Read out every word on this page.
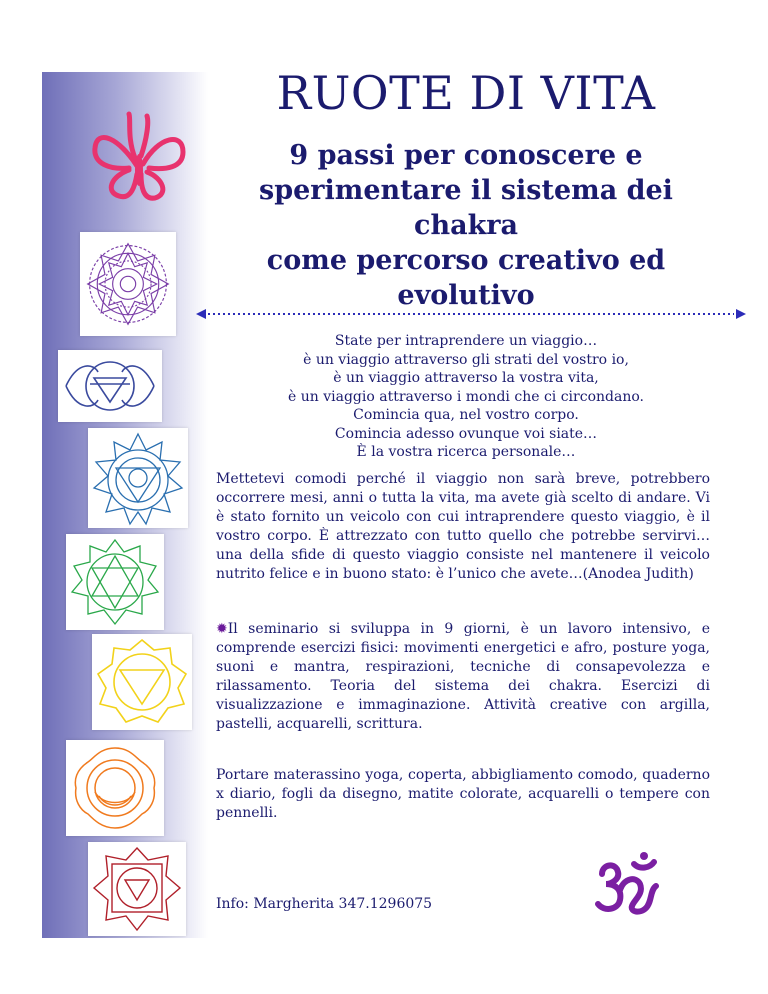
RUOTE DI VITA
9 passi per conoscere e
sperimentare il sistema dei chakra
come percorso creativo ed
evolutivo
State per intraprendere un viaggio…
è un viaggio attraverso gli strati del vostro io,
è un viaggio attraverso la vostra vita,
è un viaggio attraverso i mondi che ci circondano.
Comincia qua, nel vostro corpo.
Comincia adesso ovunque voi siate…
È la vostra ricerca personale…

Mettetevi comodi perché il viaggio non sarà breve, potrebbero occorrere mesi, anni o tutta la vita, ma avete già scelto di andare. Vi è stato fornito un veicolo con cui intraprendere questo viaggio, è il vostro corpo. È attrezzato con tutto quello che potrebbe servirvi… una della sfide di questo viaggio consiste nel mantenere il veicolo nutrito felice e in buono stato: è l’unico che avete…(Anodea Judith)

✹Il seminario si sviluppa in 9 giorni, è un lavoro intensivo, e comprende esercizi fisici: movimenti energetici e afro, posture yoga, suoni e mantra, respirazioni, tecniche di consapevolezza e rilassamento. Teoria del sistema dei chakra. Esercizi di visualizzazione e immaginazione. Attività creative con argilla, pastelli, acquarelli, scrittura.

Portare materassino yoga, coperta, abbigliamento comodo, quaderno x diario, fogli da disegno, matite colorate, acquarelli o tempere con pennelli.

Info: Margherita 347.1296075
